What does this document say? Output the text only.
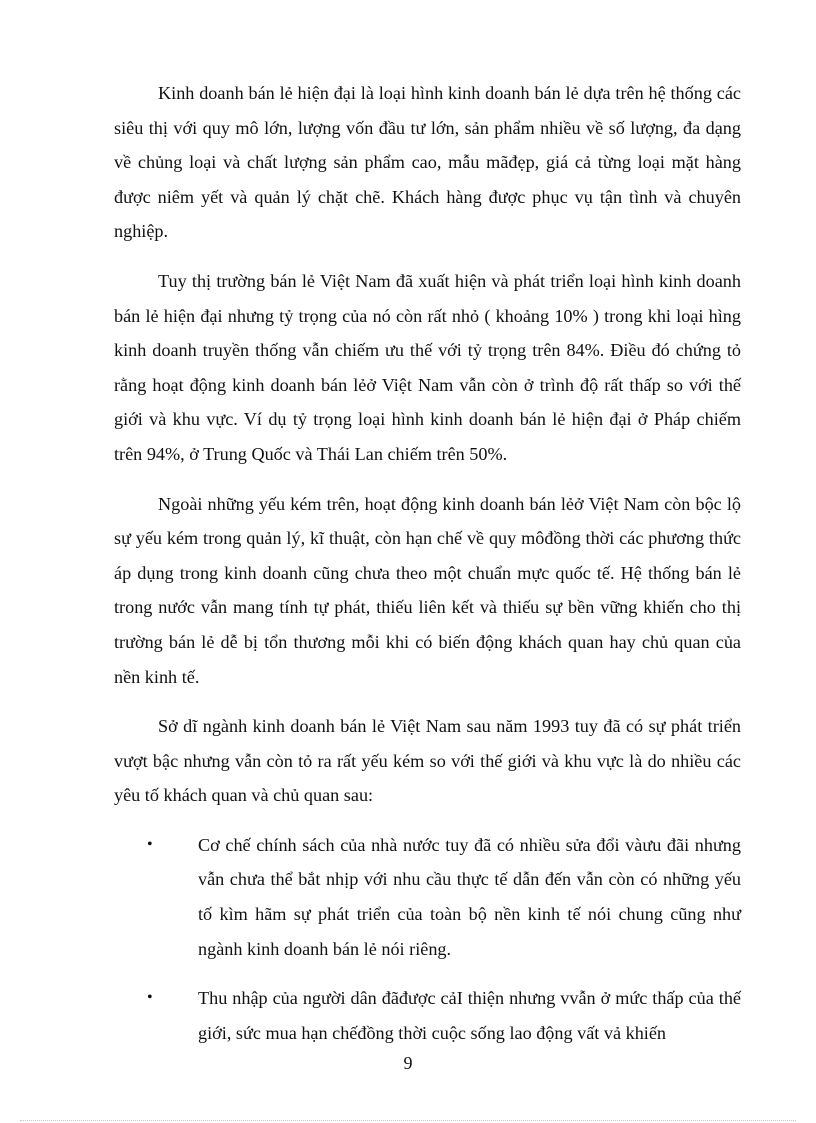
Kinh doanh bán lẻ hiện đại là loại hình kinh doanh bán lẻ dựa trên hệ thống các siêu thị với quy mô lớn, lượng vốn đầu tư lớn, sản phẩm nhiều về số lượng, đa dạng về chủng loại và chất lượng sản phẩm cao, mẫu mãđẹp, giá cả từng loại mặt hàng được niêm yết và quản lý chặt chẽ. Khách hàng được phục vụ tận tình và chuyên nghiệp.

Tuy thị trường bán lẻ Việt Nam đã xuất hiện và phát triển loại hình kinh doanh bán lẻ hiện đại nhưng tỷ trọng của nó còn rất nhỏ ( khoảng 10% ) trong khi loại hìng kinh doanh truyền thống vẫn chiếm ưu thế với tỷ trọng trên 84%. Điều đó chứng tỏ rằng hoạt động kinh doanh bán lẻở Việt Nam vẫn còn ở trình độ rất thấp so với thế giới và khu vực. Ví dụ tỷ trọng loại hình kinh doanh bán lẻ hiện đại ở Pháp chiếm trên 94%, ở Trung Quốc và Thái Lan chiếm trên 50%.

Ngoài những yếu kém trên, hoạt động kinh doanh bán lẻở Việt Nam còn bộc lộ sự yếu kém trong quản lý, kĩ thuật, còn hạn chế về quy môđồng thời các phương thức áp dụng trong kinh doanh cũng chưa theo một chuẩn mực quốc tế. Hệ thống bán lẻ trong nước vẫn mang tính tự phát, thiếu liên kết và thiếu sự bền vững khiến cho thị trường bán lẻ dễ bị tổn thương mỗi khi có biến động khách quan hay chủ quan của nền kinh tế.

Sở dĩ ngành kinh doanh bán lẻ Việt Nam sau năm 1993 tuy đã có sự phát triển vượt bậc nhưng vẫn còn tỏ ra rất yếu kém so với thế giới và khu vực là do nhiều các yêu tố khách quan và chủ quan sau:

• Cơ chế chính sách của nhà nước tuy đã có nhiều sửa đổi vàưu đãi nhưng vẫn chưa thể bắt nhịp với nhu cầu thực tế dẫn đến vẫn còn có những yếu tố kìm hãm sự phát triển của toàn bộ nền kinh tế nói chung cũng như ngành kinh doanh bán lẻ nói riêng.
• Thu nhập của người dân đãđược cảI thiện nhưng vvẫn ở mức thấp của thế giới, sức mua hạn chếđồng thời cuộc sống lao động vất vả khiến
9
